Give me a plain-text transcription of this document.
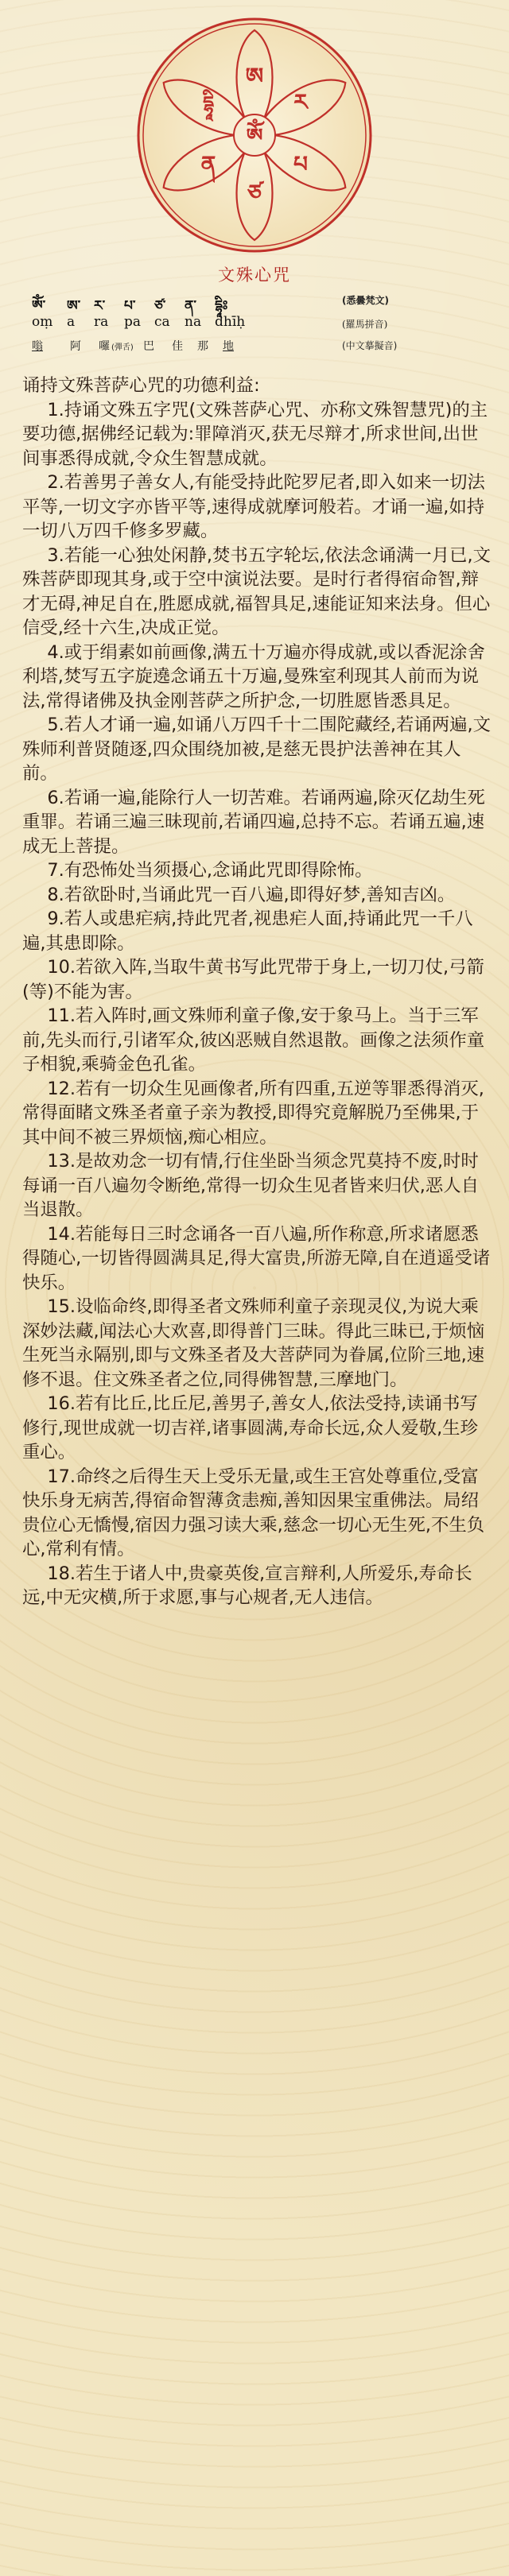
ཨོཾ
ཨ
ར
པ
ཙ
ན
དྷཱི
文殊心咒
ཨོཾ་ ཨ་ ར་ པ་ ཙ་ ན་ དྷཱིཿ	(悉曇梵文)
oṃ a ra pa ca na dhīḥ	(羅馬拼音)
嗡 阿 囉 (彈舌) 巴 佳 那 地	(中文摹擬音)
诵持文殊菩萨心咒的功德利益:

1.持诵文殊五字咒(文殊菩萨心咒、亦称文殊智慧咒)的主要功德,据佛经记载为:罪障消灭,获无尽辩才,所求世间,出世间事悉得成就,令众生智慧成就。

2.若善男子善女人,有能受持此陀罗尼者,即入如来一切法平等,一切文字亦皆平等,速得成就摩诃般若。才诵一遍,如持一切八万四千修多罗藏。

3.若能一心独处闲静,焚书五字轮坛,依法念诵满一月已,文殊菩萨即现其身,或于空中演说法要。是时行者得宿命智,辩才无碍,神足自在,胜愿成就,福智具足,速能证知来法身。但心信受,经十六生,决成正觉。

4.或于绢素如前画像,满五十万遍亦得成就,或以香泥涂舍利塔,焚写五字旋遶念诵五十万遍,曼殊室利现其人前而为说法,常得诸佛及执金刚菩萨之所护念,一切胜愿皆悉具足。

5.若人才诵一遍,如诵八万四千十二围陀藏经,若诵两遍,文殊师利普贤随逐,四众围绕加被,是慈无畏护法善神在其人前。

6.若诵一遍,能除行人一切苦难。若诵两遍,除灭亿劫生死重罪。若诵三遍三昧现前,若诵四遍,总持不忘。若诵五遍,速成无上菩提。

7.有恐怖处当须摄心,念诵此咒即得除怖。

8.若欲卧时,当诵此咒一百八遍,即得好梦,善知吉凶。

9.若人或患疟病,持此咒者,视患疟人面,持诵此咒一千八遍,其患即除。

10.若欲入阵,当取牛黄书写此咒带于身上,一切刀仗,弓箭(等)不能为害。

11.若入阵时,画文殊师利童子像,安于象马上。当于三军前,先头而行,引诸军众,彼凶恶贼自然退散。画像之法须作童子相貌,乘骑金色孔雀。

12.若有一切众生见画像者,所有四重,五逆等罪悉得消灭,常得面睹文殊圣者童子亲为教授,即得究竟解脱乃至佛果,于其中间不被三界烦恼,痴心相应。

13.是故劝念一切有情,行住坐卧当须念咒莫持不废,时时每诵一百八遍勿令断绝,常得一切众生见者皆来归伏,恶人自当退散。

14.若能每日三时念诵各一百八遍,所作称意,所求诸愿悉得随心,一切皆得圆满具足,得大富贵,所游无障,自在逍遥受诸快乐。

15.设临命终,即得圣者文殊师利童子亲现灵仪,为说大乘深妙法藏,闻法心大欢喜,即得普门三昧。得此三昧已,于烦恼生死当永隔别,即与文殊圣者及大菩萨同为眷属,位阶三地,速修不退。住文殊圣者之位,同得佛智慧,三摩地门。

16.若有比丘,比丘尼,善男子,善女人,依法受持,读诵书写修行,现世成就一切吉祥,诸事圆满,寿命长远,众人爱敬,生珍重心。

17.命终之后得生天上受乐无量,或生王宫处尊重位,受富快乐身无病苦,得宿命智薄贪恚痴,善知因果宝重佛法。局绍贵位心无憍慢,宿因力强习读大乘,慈念一切心无生死,不生负心,常利有情。

18.若生于诸人中,贵豪英俊,宣言辩利,人所爱乐,寿命长远,中无灾横,所于求愿,事与心规者,无人违信。
